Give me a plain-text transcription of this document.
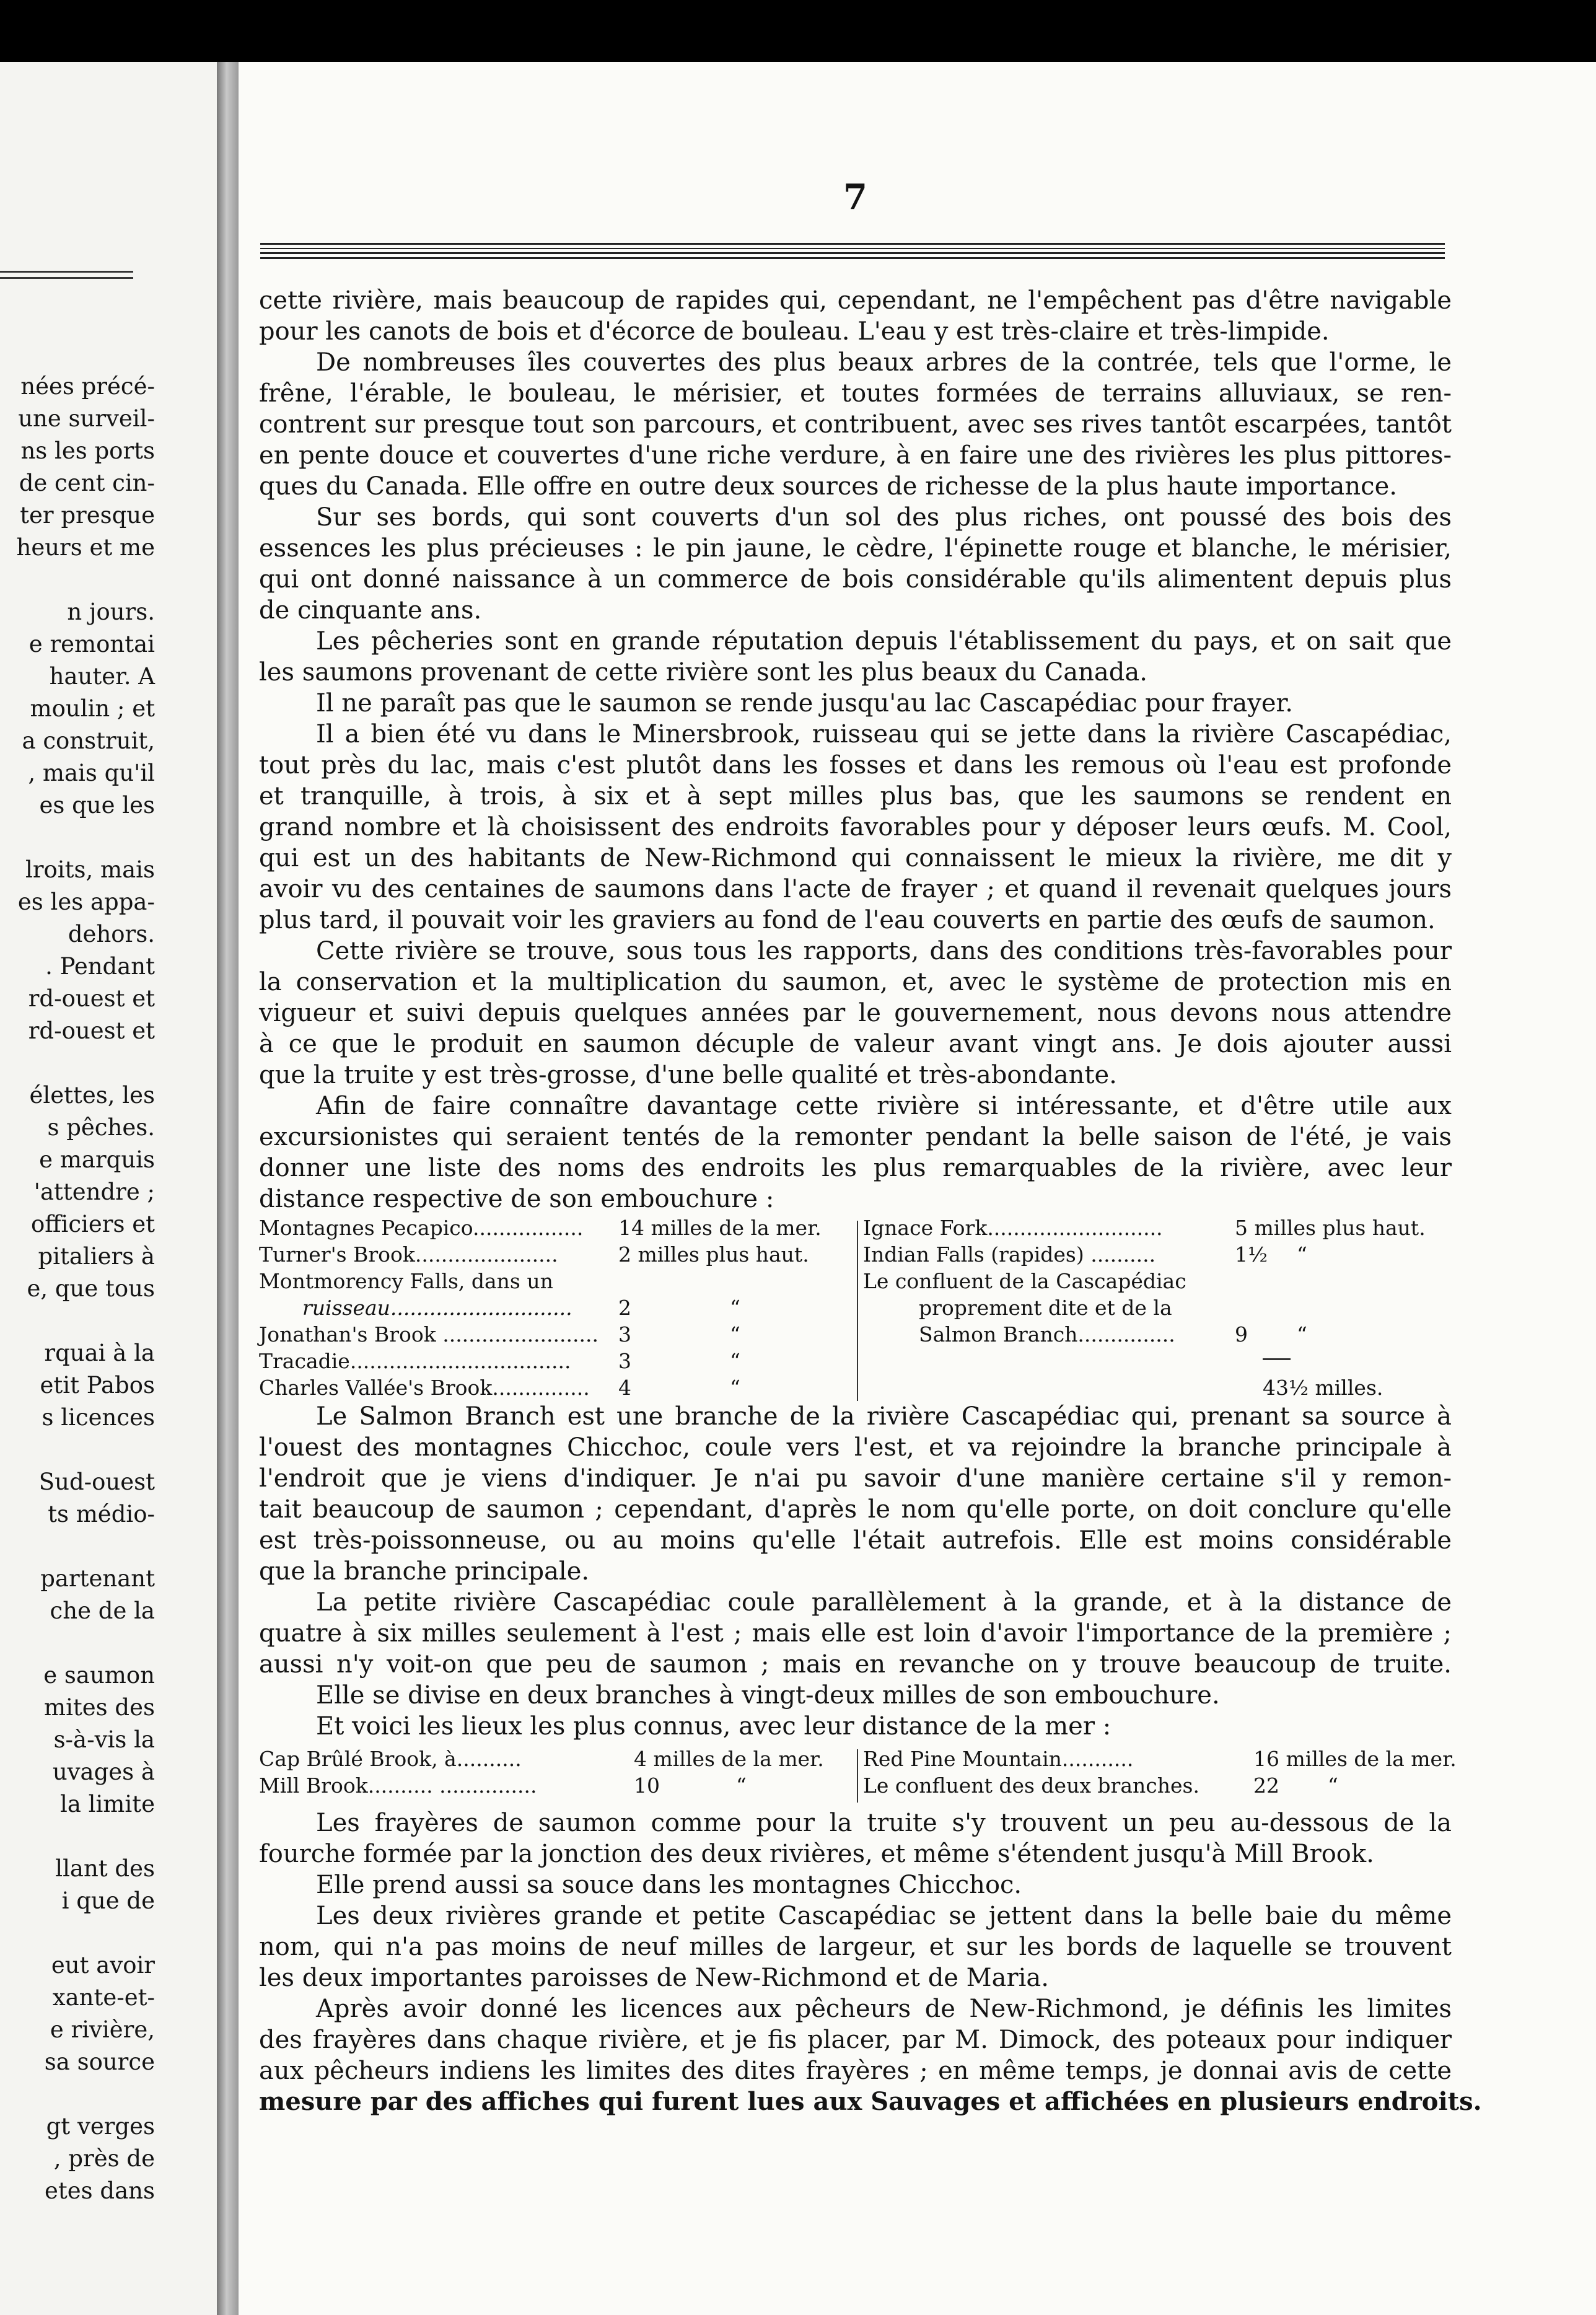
nées précé-
une surveil-
ns les ports
de cent cin-
ter presque
heurs et me

n jours.
e remontai
hauter. A
moulin ; et
a construit,
, mais qu'il
es que les

lroits, mais
es les appa-
dehors.
. Pendant
rd-ouest et
rd-ouest et

élettes, les
s pêches.
e marquis
'attendre ;
officiers et
pitaliers à
e, que tous

rquai à la
etit Pabos
s licences

Sud-ouest
ts médio-

partenant
che de la

e saumon
mites des
s-à-vis la
uvages à
la limite

llant des
i que de

eut avoir
xante-et-
e rivière,
sa source

gt verges
, près de
etes dans
7
cette rivière, mais beaucoup de rapides qui, cependant, ne l'empêchent pas d'être navigable
pour les canots de bois et d'écorce de bouleau. L'eau y est très-claire et très-limpide.
De nombreuses îles couvertes des plus beaux arbres de la contrée, tels que l'orme, le
frêne, l'érable, le bouleau, le mérisier, et toutes formées de terrains alluviaux, se ren-
contrent sur presque tout son parcours, et contribuent, avec ses rives tantôt escarpées, tantôt
en pente douce et couvertes d'une riche verdure, à en faire une des rivières les plus pittores-
ques du Canada. Elle offre en outre deux sources de richesse de la plus haute importance.
Sur ses bords, qui sont couverts d'un sol des plus riches, ont poussé des bois des
essences les plus précieuses : le pin jaune, le cèdre, l'épinette rouge et blanche, le mérisier,
qui ont donné naissance à un commerce de bois considérable qu'ils alimentent depuis plus
de cinquante ans.
Les pêcheries sont en grande réputation depuis l'établissement du pays, et on sait que
les saumons provenant de cette rivière sont les plus beaux du Canada.
Il ne paraît pas que le saumon se rende jusqu'au lac Cascapédiac pour frayer.
Il a bien été vu dans le Minersbrook, ruisseau qui se jette dans la rivière Cascapédiac,
tout près du lac, mais c'est plutôt dans les fosses et dans les remous où l'eau est profonde
et tranquille, à trois, à six et à sept milles plus bas, que les saumons se rendent en
grand nombre et là choisissent des endroits favorables pour y déposer leurs œufs. M. Cool,
qui est un des habitants de New-Richmond qui connaissent le mieux la rivière, me dit y
avoir vu des centaines de saumons dans l'acte de frayer ; et quand il revenait quelques jours
plus tard, il pouvait voir les graviers au fond de l'eau couverts en partie des œufs de saumon.
Cette rivière se trouve, sous tous les rapports, dans des conditions très-favorables pour
la conservation et la multiplication du saumon, et, avec le système de protection mis en
vigueur et suivi depuis quelques années par le gouvernement, nous devons nous attendre
à ce que le produit en saumon décuple de valeur avant vingt ans. Je dois ajouter aussi
que la truite y est très-grosse, d'une belle qualité et très-abondante.
Afin de faire connaître davantage cette rivière si intéressante, et d'être utile aux
excursionistes qui seraient tentés de la remonter pendant la belle saison de l'été, je vais
donner une liste des noms des endroits les plus remarquables de la rivière, avec leur
distance respective de son embouchure :
Montagnes Pecapico................. 14 milles de la mer.
Turner's Brook......................	2 milles plus haut.
Montmorency Falls, dans un
ruisseau............................ 2	“
Jonathan's Brook ........................ 3	“
Tracadie.................................. 3	“
Charles Vallée's Brook............... 4	“
Ignace Fork...........................	5 milles plus haut.
Indian Falls (rapides) ..........	1½ “
Le confluent de la Cascapédiac
proprement dite et de la
Salmon Branch...............	9 “

43½ milles.
Le Salmon Branch est une branche de la rivière Cascapédiac qui, prenant sa source à
l'ouest des montagnes Chicchoc, coule vers l'est, et va rejoindre la branche principale à
l'endroit que je viens d'indiquer. Je n'ai pu savoir d'une manière certaine s'il y remon-
tait beaucoup de saumon ; cependant, d'après le nom qu'elle porte, on doit conclure qu'elle
est très-poissonneuse, ou au moins qu'elle l'était autrefois. Elle est moins considérable
que la branche principale.
La petite rivière Cascapédiac coule parallèlement à la grande, et à la distance de
quatre à six milles seulement à l'est ; mais elle est loin d'avoir l'importance de la première ;
aussi n'y voit-on que peu de saumon ; mais en revanche on y trouve beaucoup de truite.
Elle se divise en deux branches à vingt-deux milles de son embouchure.
Et voici les lieux les plus connus, avec leur distance de la mer :
Cap Brûlé Brook, à..........	4 milles de la mer.
Mill Brook.......... ...............	10	“
Red Pine Mountain...........	16 milles de la mer.
Le confluent des deux branches.	22 “
Les frayères de saumon comme pour la truite s'y trouvent un peu au-dessous de la
fourche formée par la jonction des deux rivières, et même s'étendent jusqu'à Mill Brook.
Elle prend aussi sa souce dans les montagnes Chicchoc.
Les deux rivières grande et petite Cascapédiac se jettent dans la belle baie du même
nom, qui n'a pas moins de neuf milles de largeur, et sur les bords de laquelle se trouvent
les deux importantes paroisses de New-Richmond et de Maria.
Après avoir donné les licences aux pêcheurs de New-Richmond, je définis les limites
des frayères dans chaque rivière, et je fis placer, par M. Dimock, des poteaux pour indiquer
aux pêcheurs indiens les limites des dites frayères ; en même temps, je donnai avis de cette
mesure par des affiches qui furent lues aux Sauvages et affichées en plusieurs endroits.
